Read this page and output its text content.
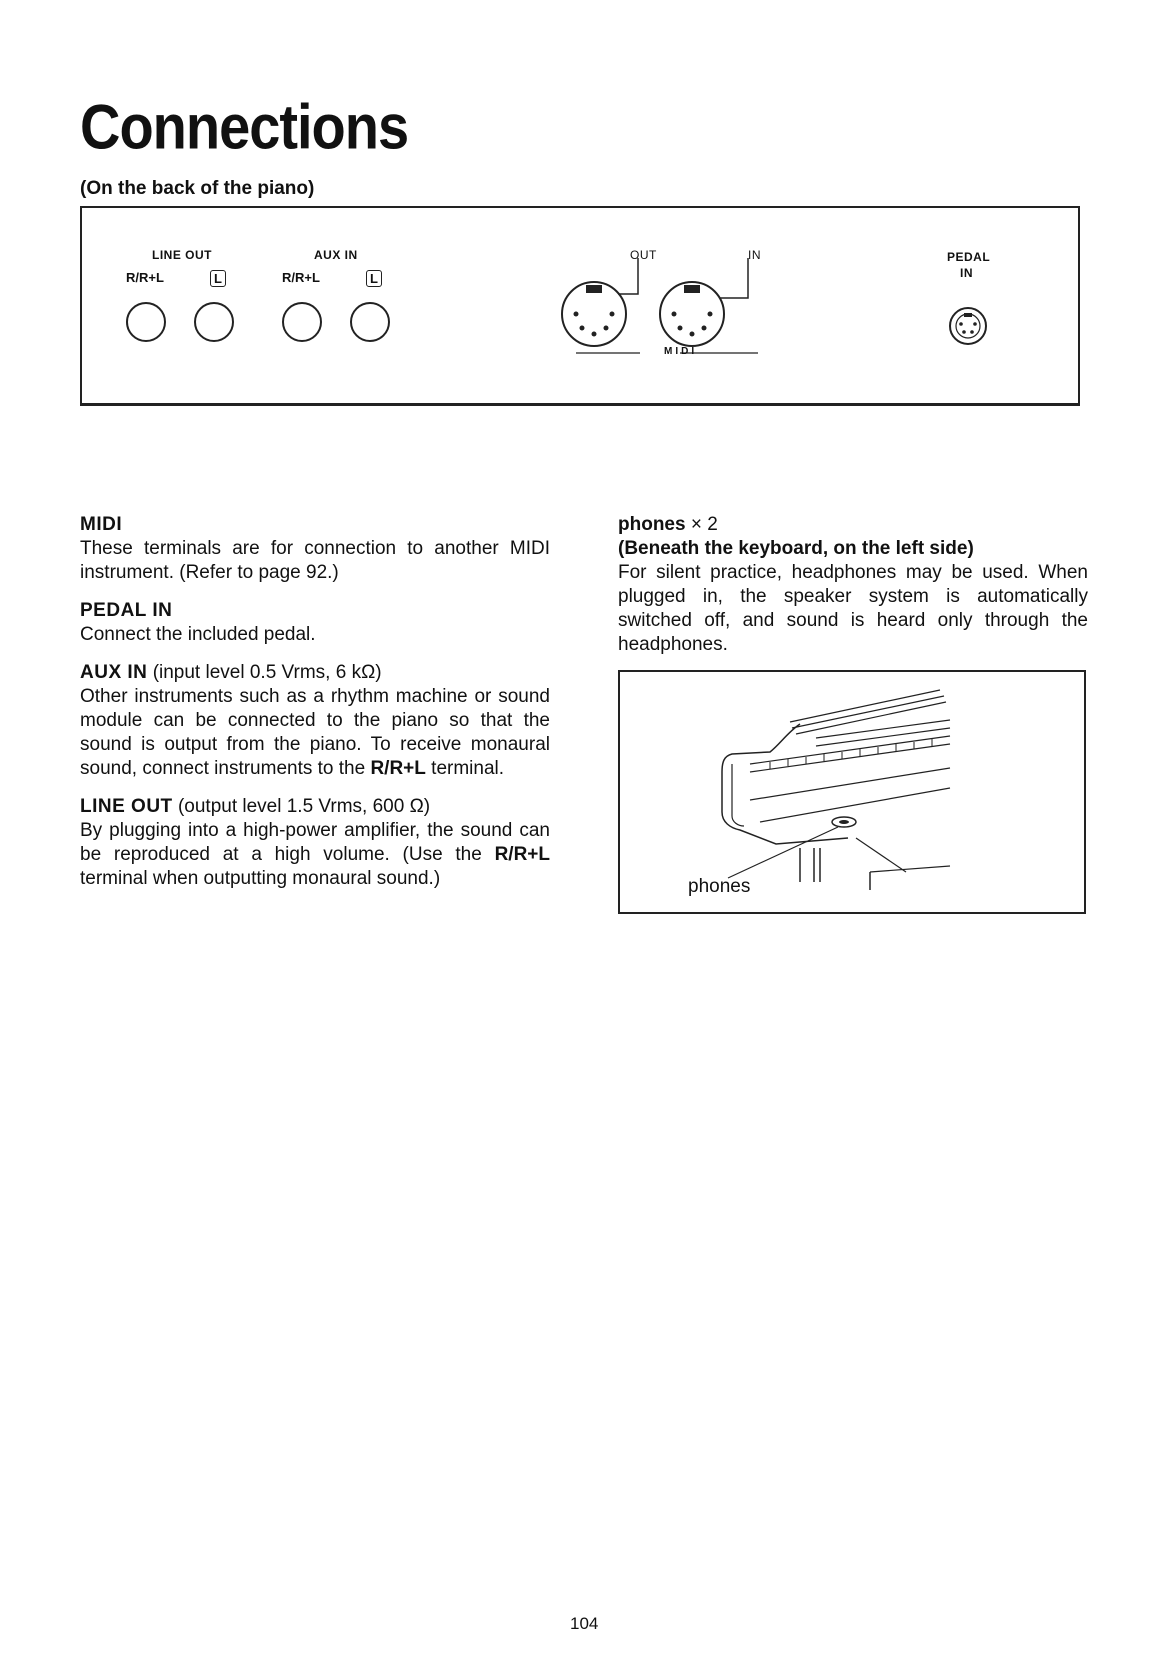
Connections
(On the back of the piano)
LINE OUT
R/R+L	L
AUX IN
R/R+L	L
OUT	IN
MIDI
PEDAL
IN

MIDI

These terminals are for connection to another MIDI instrument. (Refer to page 92.)

PEDAL IN

Connect the included pedal.

AUX IN (input level 0.5 Vrms, 6 kΩ)

Other instruments such as a rhythm machine or sound module can be connected to the piano so that the sound is output from the piano. To receive monaural sound, connect instruments to the R/R+L terminal.

LINE OUT (output level 1.5 Vrms, 600 Ω)

By plugging into a high-power amplifier, the sound can be reproduced at a high volume. (Use the R/R+L terminal when outputting monaural sound.)

phones × 2

(Beneath the keyboard, on the left side)

For silent practice, headphones may be used. When plugged in, the speaker system is automatically switched off, and sound is heard only through the headphones.

phones
104
